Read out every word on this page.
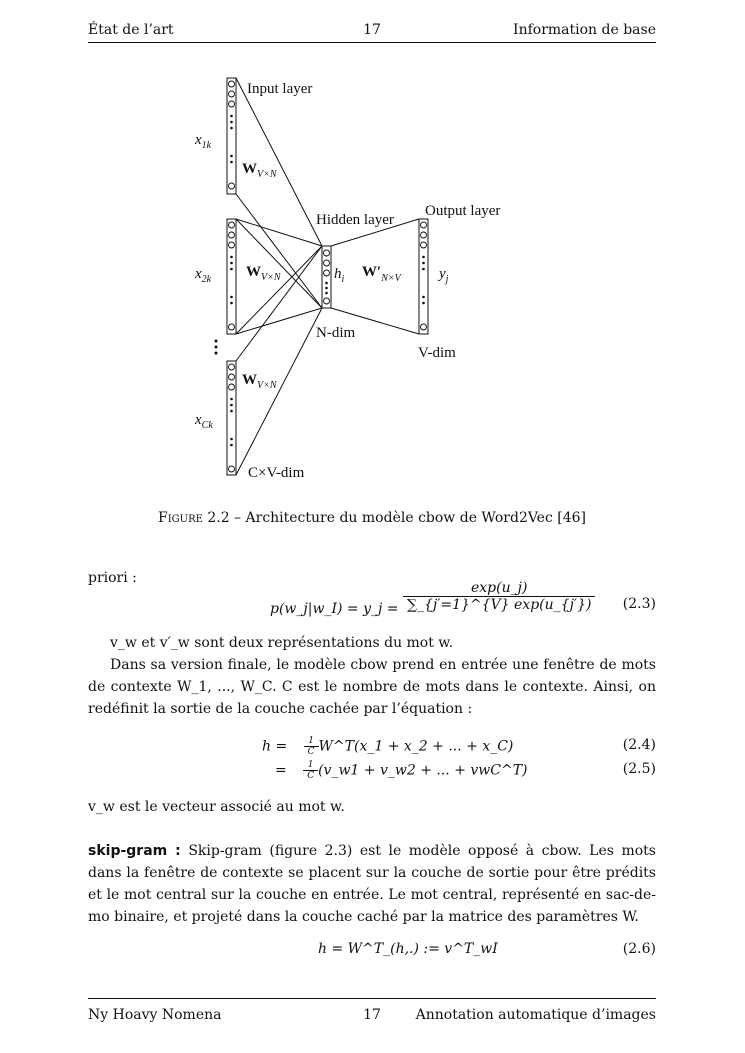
État de l’art	17	Information de base
Input layer
Hidden layer
Output layer
$x_{1k}$
$x_{2k}$
$x_{Ck}$
$W_{V\times N}$
$W_{V\times N}$
$W_{V\times N}$
$W'_{N\times V}$
$h_i$	$y_j$
N-dim
V-dim
C×V-dim
Figure 2.2 – Architecture du modèle cbow de Word2Vec [46]
priori :
p(w_j|w_I) = y_j = $\frac{\exp(u\_j)}{\sum\_\{j'=1\}\^{}\{V\} \exp(u\_\{j'\})} (2.3)$
v_w et v′_w sont deux représentations du mot w.
Dans sa version finale, le modèle cbow prend en entrée une fenêtre de mots de contexte W_1, ..., W_C. C est le nombre de mots dans le contexte. Ainsi, on redéfinit la sortie de la couche cachée par l’équation :
$h = \frac{1}{C}$ W^T(x_1 + x_2 + ... + x_C)	(2.4)
= $\frac{1}{C}$ (v_w1 + v_w2 + ... + vwC^T)	(2.5)
v_w est le vecteur associé au mot w.
skip-gram : Skip-gram (figure 2.3) est le modèle opposé à cbow. Les mots dans la fenêtre de contexte se placent sur la couche de sortie pour être prédits et le mot central sur la couche en entrée. Le mot central, représenté en sac-de-mo binaire, et projeté dans la couche caché par la matrice des paramètres W.
h = W^T_(h,.) := v^T_wI	(2.6)
Ny Hoavy Nomena	17	Annotation automatique d’images
